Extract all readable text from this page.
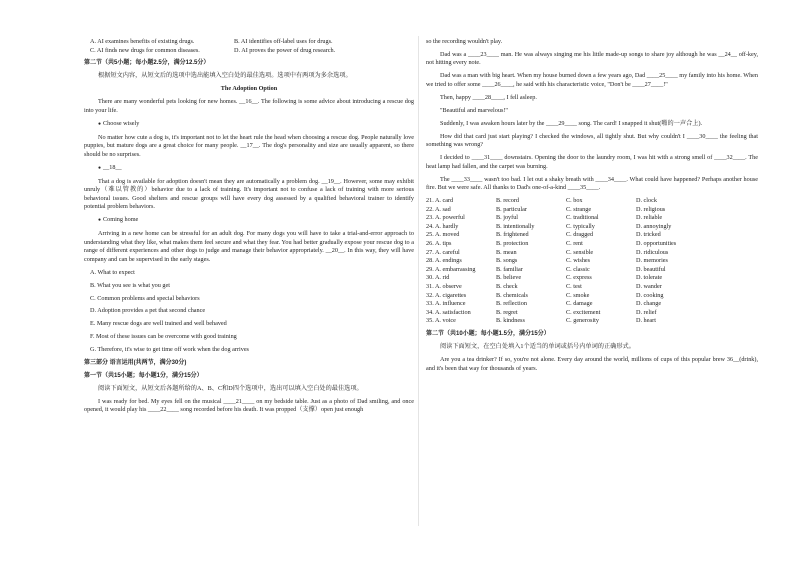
A. AI examines benefits of existing drugs.	B. AI identifies off-label uses for drugs.
C. AI finds new drugs for common diseases.	D. AI proves the power of drug research.

第二节（共5小题；每小题2.5分，满分12.5分）

根据短文内容，从短文后的选项中选出能填入空白处的最佳选项。选项中有两项为多余选项。

The Adoption Option

There are many wonderful pets looking for new homes. __16__. The following is some advice about introducing a rescue dog into your life.

● Choose wisely

No matter how cute a dog is, it's important not to let the heart rule the head when choosing a rescue dog. People naturally love puppies, but mature dogs are a great choice for many people. __17__. The dog's personality and size are usually apparent, so there should be no surprises.

● __18__

That a dog is available for adoption doesn't mean they are automatically a problem dog. __19__. However, some may exhibit unruly（难以管教的）behavior due to a lack of training. It's important not to confuse a lack of training with more serious behavioral issues. Good shelters and rescue groups will have every dog assessed by a qualified behavioral trainer to identify potential problem behaviors.

● Coming home

Arriving in a new home can be stressful for an adult dog. For many dogs you will have to take a trial-and-error approach to understanding what they like, what makes them feel secure and what they fear. You had better gradually expose your rescue dog to a range of different experiences and other dogs to judge and manage their behavior appropriately. __20__. In this way, they will have company and can be supervised in the early stages.

A. What to expect

B. What you see is what you get

C. Common problems and special behaviors

D. Adoption provides a pet that second chance

E. Many rescue dogs are well trained and well behaved

F. Most of these issues can be overcome with good training

G. Therefore, it's wise to get time off work when the dog arrives

第三部分 语言运用(共两节，满分30分)

第一节（共15小题；每小题1分，满分15分）

阅读下面短文，从短文后各题所给的A、B、C和D四个选项中，选出可以填入空白处的最佳选项。

I was ready for bed. My eyes fell on the musical ____21____ on my bedside table. Just as a photo of Dad smiling, and once opened, it would play his ____22____ song recorded before his death. It was propped（支撑）open just enough

so the recording wouldn't play.

Dad was a ____23____ man. He was always singing me his little made-up songs to share joy although he was __24__ off-key, not hitting every note.

Dad was a man with big heart. When my house burned down a few years ago, Dad ____25____ my family into his home. When we tried to offer some ____26____, he said with his characteristic voice, "Don't be ____27____!"

Then, happy ____28____, I fell asleep.

"Beautiful and marvelous!"

Suddenly, I was awaken hours later by the ____29____ song. The card! I snapped it shut(啪的一声合上).

How did that card just start playing? I checked the windows, all tightly shut. But why couldn't I ____30____ the feeling that something was wrong?

I decided to ____31____ downstairs. Opening the door to the laundry room, I was hit with a strong smell of ____32____. The heat lamp had fallen, and the carpet was burning.

The ____33____ wasn't too bad. I let out a shaky breath with ____34____. What could have happened? Perhaps another house fire. But we were safe. All thanks to Dad's one-of-a-kind ____35____.

21. A. card	B. record	C. box	D. clock
22. A. sad	B. particular	C. strange	D. religious
23. A. powerful	B. joyful	C. traditional	D. reliable
24. A. hardly	B. intentionally	C. typically	D. annoyingly
25. A. moved	B. frightened	C. dragged	D. tricked
26. A. tips	B. protection	C. rent	D. opportunities
27. A. careful	B. mean	C. sensible	D. ridiculous
28. A. endings	B. songs	C. wishes	D. memories
29. A. embarrassing	B. familiar	C. classic	D. beautiful
30. A. rid	B. believe	C. express	D. tolerate
31. A. observe	B. check	C. test	D. wander
32. A. cigarettes	B. chemicals	C. smoke	D. cooking
33. A. influence	B. reflection	C. damage	D. change
34. A. satisfaction	B. regret	C. excitement	D. relief
35. A. voice	B. kindness	C. generosity	D. heart

第二节（共10小题；每小题1.5分，满分15分）

阅读下面短文，在空白处填入1个适当的单词或括号内单词的正确形式。

Are you a tea drinker? If so, you're not alone. Every day around the world, millions of cups of this popular brew 36__(drink), and it's been that way for thousands of years.
